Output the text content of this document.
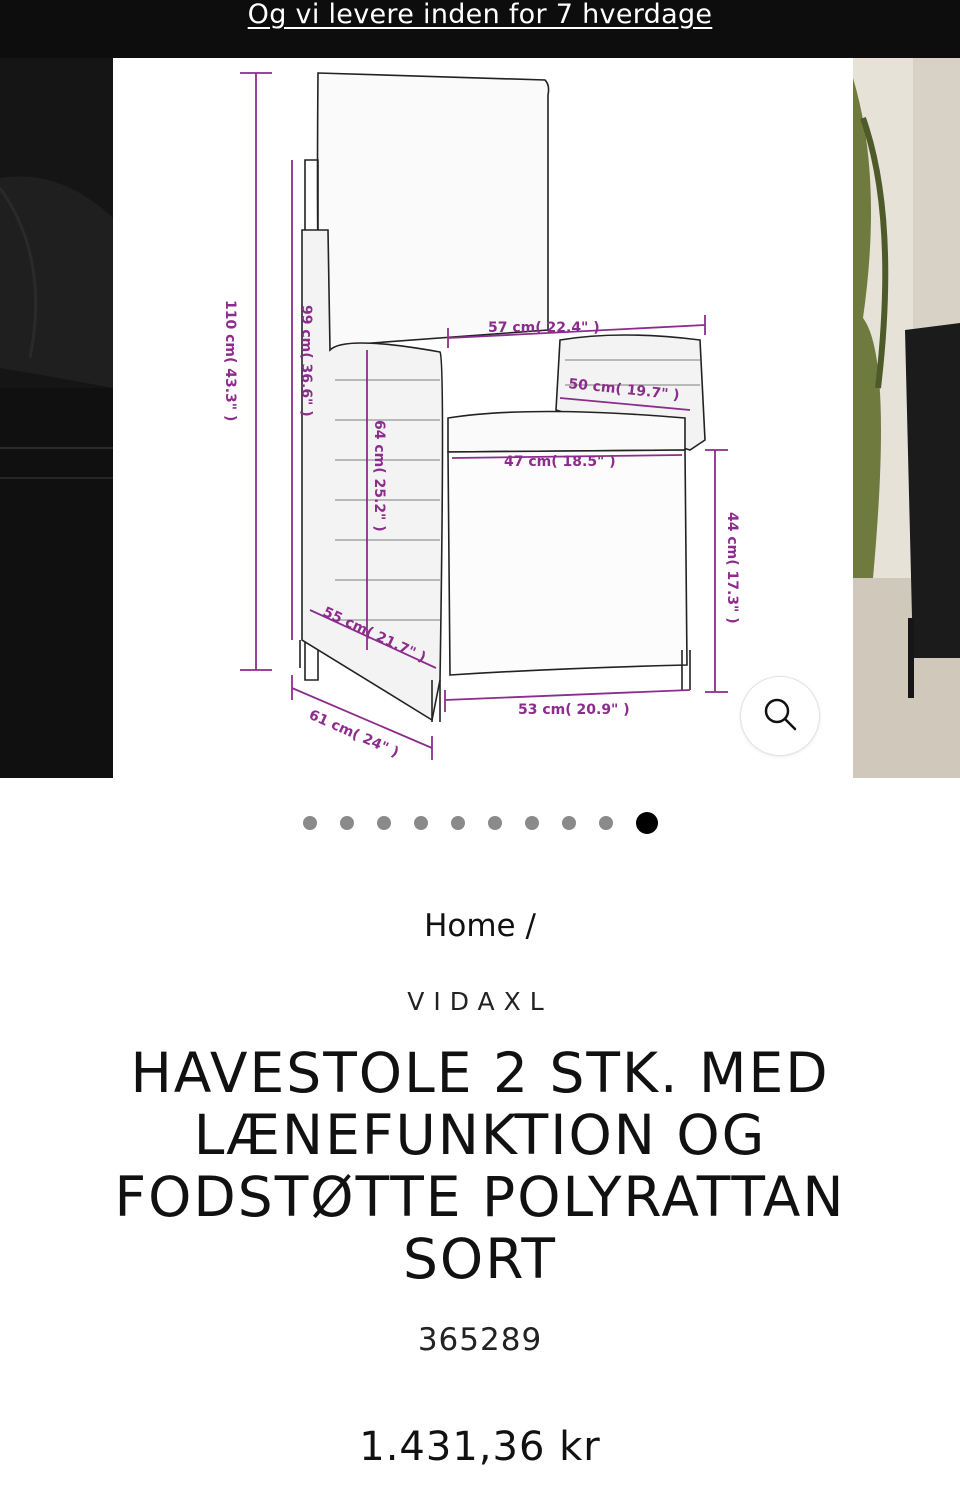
Og vi levere inden for 7 hverdage
110 cm( 43.3" )	99 cm( 36.6" )
64 cm( 25.2" )
57 cm( 22.4" )
50 cm( 19.7" )
47 cm( 18.5" )
44 cm( 17.3" )
55 cm( 21.7" )
61 cm( 24" )	53 cm( 20.9" )
Home /
VIDAXL
HAVESTOLE 2 STK. MED LÆNEFUNKTION OG FODSTØTTE POLYRATTAN SORT
365289
1.431,36 kr
